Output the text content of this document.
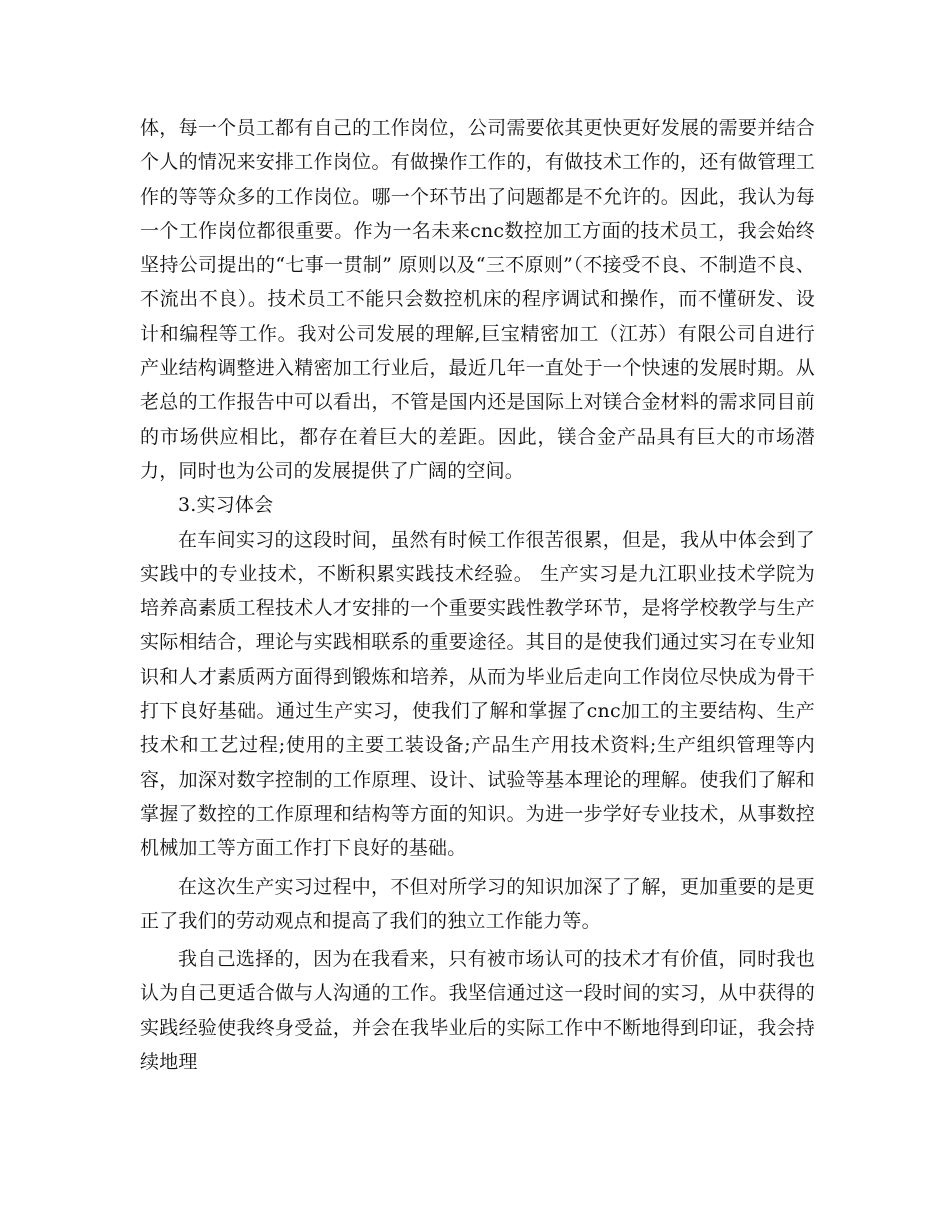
体，每一个员工都有自己的工作岗位，公司需要依其更快更好发展的需要并结合个人的情况来安排工作岗位。有做操作工作的，有做技术工作的，还有做管理工作的等等众多的工作岗位。哪一个环节出了问题都是不允许的。因此，我认为每一个工作岗位都很重要。作为一名未来cnc数控加工方面的技术员工，我会始终坚持公司提出的“七事一贯制” 原则以及“三不原则”（不接受不良、不制造不良、不流出不良）。技术员工不能只会数控机床的程序调试和操作，而不懂研发、设计和编程等工作。我对公司发展的理解,巨宝精密加工（江苏）有限公司自进行产业结构调整进入精密加工行业后，最近几年一直处于一个快速的发展时期。从老总的工作报告中可以看出，不管是国内还是国际上对镁合金材料的需求同目前的市场供应相比，都存在着巨大的差距。因此，镁合金产品具有巨大的市场潜力，同时也为公司的发展提供了广阔的空间。

3.实习体会

在车间实习的这段时间，虽然有时候工作很苦很累，但是，我从中体会到了实践中的专业技术，不断积累实践技术经验。 生产实习是九江职业技术学院为培养高素质工程技术人才安排的一个重要实践性教学环节，是将学校教学与生产实际相结合，理论与实践相联系的重要途径。其目的是使我们通过实习在专业知识和人才素质两方面得到锻炼和培养，从而为毕业后走向工作岗位尽快成为骨干打下良好基础。通过生产实习，使我们了解和掌握了cnc加工的主要结构、生产技术和工艺过程;使用的主要工装设备;产品生产用技术资料;生产组织管理等内容，加深对数字控制的工作原理、设计、试验等基本理论的理解。使我们了解和掌握了数控的工作原理和结构等方面的知识。为进一步学好专业技术，从事数控机械加工等方面工作打下良好的基础。

在这次生产实习过程中，不但对所学习的知识加深了了解，更加重要的是更正了我们的劳动观点和提高了我们的独立工作能力等。

我自己选择的，因为在我看来，只有被市场认可的技术才有价值，同时我也认为自己更适合做与人沟通的工作。我坚信通过这一段时间的实习，从中获得的实践经验使我终身受益，并会在我毕业后的实际工作中不断地得到印证，我会持续地理
